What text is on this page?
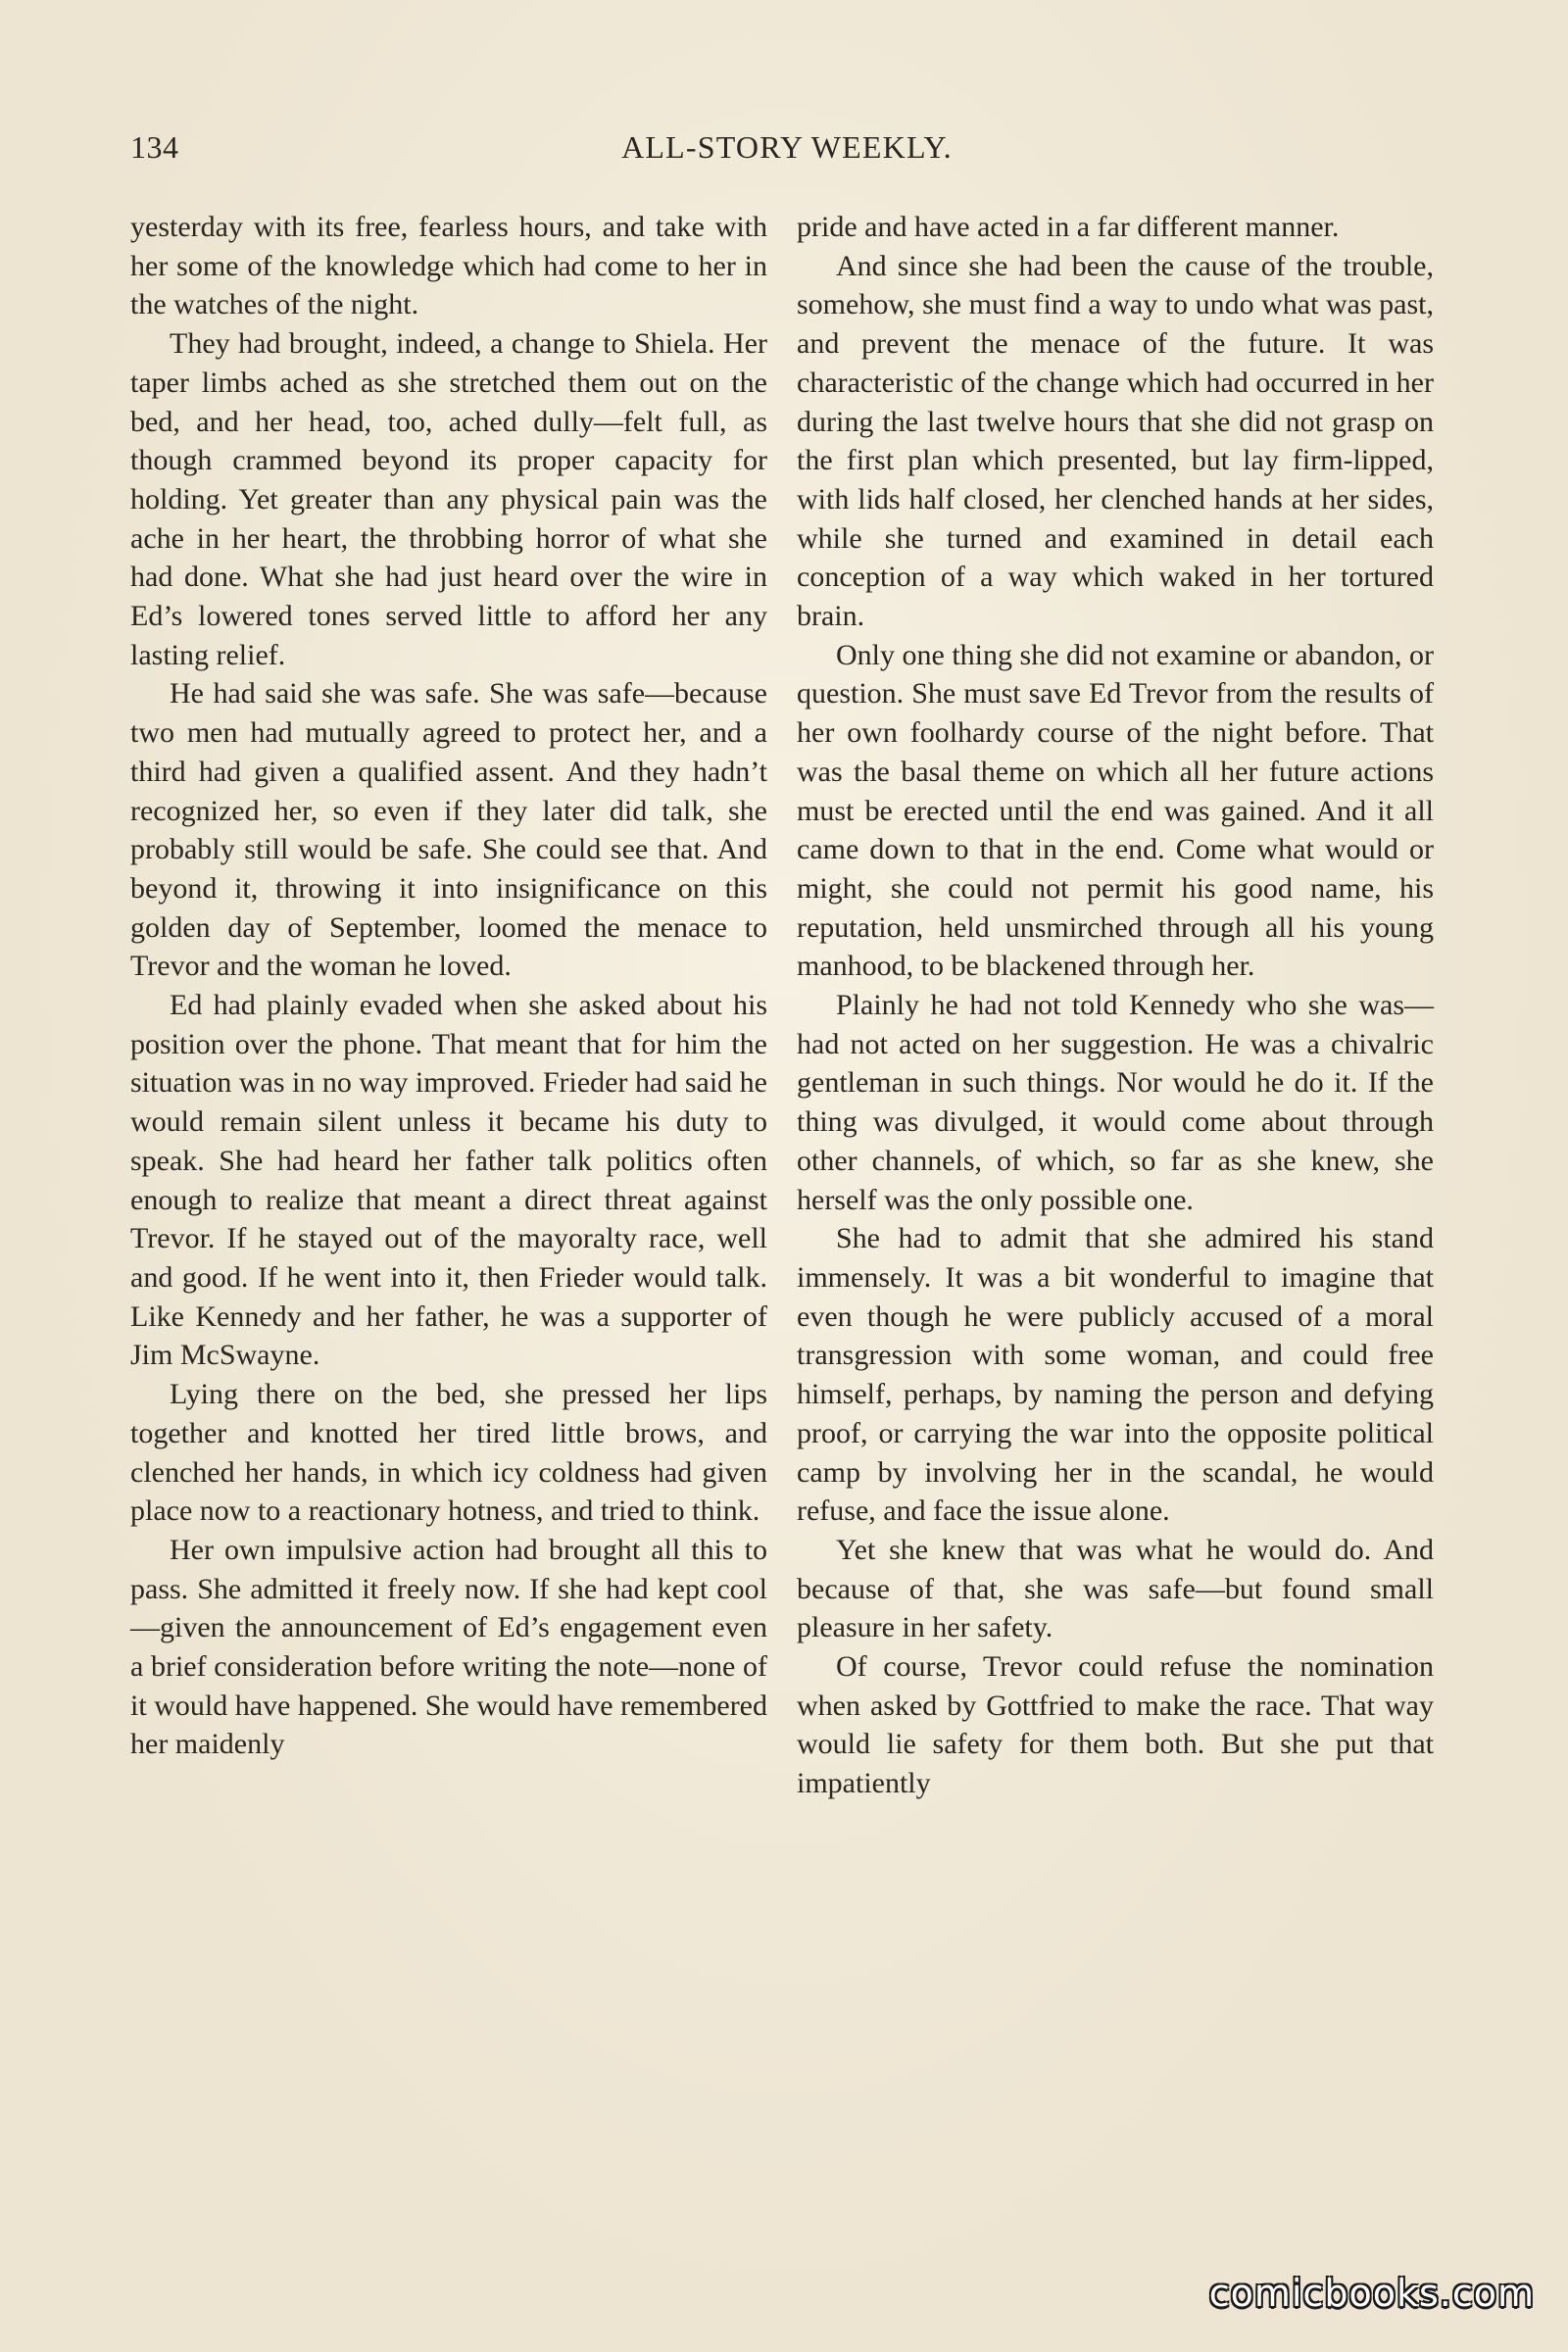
134	ALL-STORY WEEKLY.

yesterday with its free, fearless hours, and take with her some of the knowledge which had come to her in the watches of the night.

They had brought, indeed, a change to Shiela. Her taper limbs ached as she stretched them out on the bed, and her head, too, ached dully—felt full, as though crammed beyond its proper capacity for holding. Yet greater than any physical pain was the ache in her heart, the throbbing horror of what she had done. What she had just heard over the wire in Ed’s lowered tones served little to afford her any lasting relief.

He had said she was safe. She was safe—because two men had mutually agreed to protect her, and a third had given a qualified assent. And they hadn’t recognized her, so even if they later did talk, she probably still would be safe. She could see that. And beyond it, throwing it into insignificance on this golden day of September, loomed the menace to Trevor and the woman he loved.

Ed had plainly evaded when she asked about his position over the phone. That meant that for him the situation was in no way improved. Frieder had said he would remain silent unless it became his duty to speak. She had heard her father talk politics often enough to realize that meant a direct threat against Trevor. If he stayed out of the mayoralty race, well and good. If he went into it, then Frieder would talk. Like Kennedy and her father, he was a supporter of Jim McSwayne.

Lying there on the bed, she pressed her lips together and knotted her tired little brows, and clenched her hands, in which icy coldness had given place now to a reactionary hotness, and tried to think.

Her own impulsive action had brought all this to pass. She admitted it freely now. If she had kept cool—given the announcement of Ed’s engagement even a brief consideration before writing the note—none of it would have happened. She would have remembered her maidenly

pride and have acted in a far different manner.

And since she had been the cause of the trouble, somehow, she must find a way to undo what was past, and prevent the menace of the future. It was characteristic of the change which had occurred in her during the last twelve hours that she did not grasp on the first plan which presented, but lay firm-lipped, with lids half closed, her clenched hands at her sides, while she turned and examined in detail each conception of a way which waked in her tortured brain.

Only one thing she did not examine or abandon, or question. She must save Ed Trevor from the results of her own foolhardy course of the night before. That was the basal theme on which all her future actions must be erected until the end was gained. And it all came down to that in the end. Come what would or might, she could not permit his good name, his reputation, held unsmirched through all his young manhood, to be blackened through her.

Plainly he had not told Kennedy who she was—had not acted on her suggestion. He was a chivalric gentleman in such things. Nor would he do it. If the thing was divulged, it would come about through other channels, of which, so far as she knew, she herself was the only possible one.

She had to admit that she admired his stand immensely. It was a bit wonderful to imagine that even though he were publicly accused of a moral transgression with some woman, and could free himself, perhaps, by naming the person and defying proof, or carrying the war into the opposite political camp by involving her in the scandal, he would refuse, and face the issue alone.

Yet she knew that was what he would do. And because of that, she was safe—but found small pleasure in her safety.

Of course, Trevor could refuse the nomination when asked by Gottfried to make the race. That way would lie safety for them both. But she put that impatiently

comicbooks.com
